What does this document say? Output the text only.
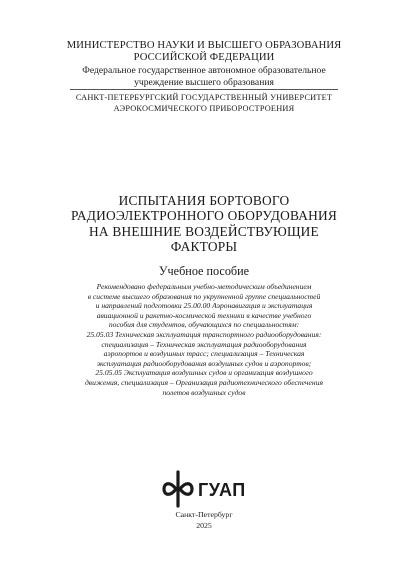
МИНИСТЕРСТВО НАУКИ И ВЫСШЕГО ОБРАЗОВАНИЯ
РОССИЙСКОЙ ФЕДЕРАЦИИ
Федеральное государственное автономное образовательное
учреждение высшего образования
САНКТ-ПЕТЕРБУРГСКИЙ ГОСУДАРСТВЕННЫЙ УНИВЕРСИТЕТ
АЭРОКОСМИЧЕСКОГО ПРИБОРОСТРОЕНИЯ
ИСПЫТАНИЯ БОРТОВОГО
РАДИОЭЛЕКТРОННОГО ОБОРУДОВАНИЯ
НА ВНЕШНИЕ ВОЗДЕЙСТВУЮЩИЕ
ФАКТОРЫ
Учебное пособие
Рекомендовано федеральным учебно-методическим объединением
в системе высшего образования по укрупненной группе специальностей
и направлений подготовки 25.00.00 Аэронавигация и эксплуатация
авиационной и ракетно-космической техники в качестве учебного
пособия для студентов, обучающихся по специальностям:
25.05.03 Техническая эксплуатация транспортного радиооборудования:
специализация – Техническая эксплуатация радиооборудования
аэропортов и воздушных трасс; специализация – Техническая
эксплуатация радиооборудования воздушных судов и аэропортов;
25.05.05 Эксплуатация воздушных судов и организация воздушного
движения, специализация – Организация радиотехнического обеспечения
полетов воздушных судов
ГУАП
Санкт-Петербург
2025
